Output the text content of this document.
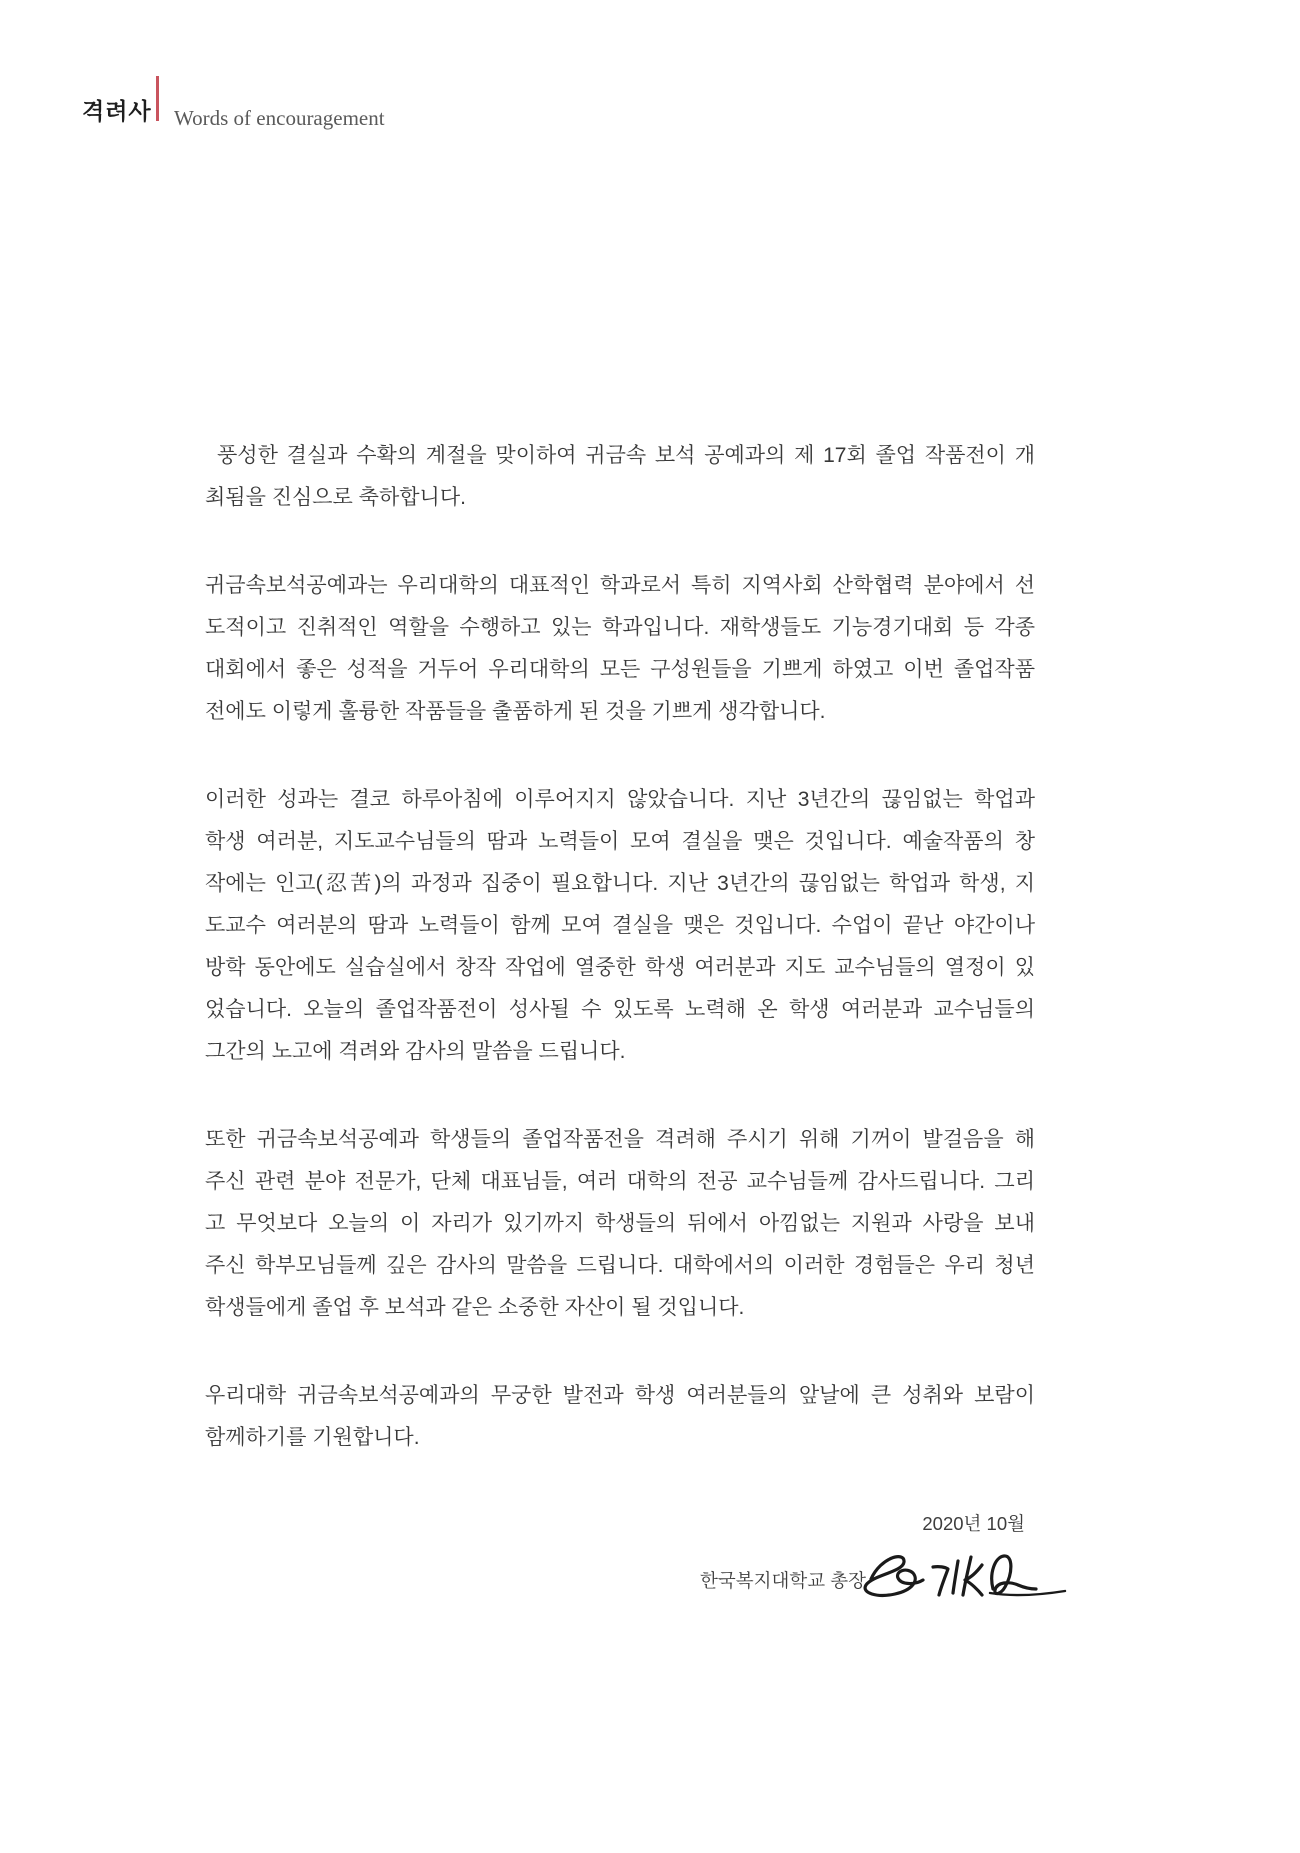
격려사 Words of encouragement

풍성한 결실과 수확의 계절을 맞이하여 귀금속 보석 공예과의 제 17회 졸업 작품전이 개
최됨을 진심으로 축하합니다.

귀금속보석공예과는 우리대학의 대표적인 학과로서 특히 지역사회 산학협력 분야에서 선
도적이고 진취적인 역할을 수행하고 있는 학과입니다. 재학생들도 기능경기대회 등 각종
대회에서 좋은 성적을 거두어 우리대학의 모든 구성원들을 기쁘게 하였고 이번 졸업작품
전에도 이렇게 훌륭한 작품들을 출품하게 된 것을 기쁘게 생각합니다.

이러한 성과는 결코 하루아침에 이루어지지 않았습니다. 지난 3년간의 끊임없는 학업과
학생 여러분, 지도교수님들의 땀과 노력들이 모여 결실을 맺은 것입니다. 예술작품의 창
작에는 인고(忍苦)의 과정과 집중이 필요합니다. 지난 3년간의 끊임없는 학업과 학생, 지
도교수 여러분의 땀과 노력들이 함께 모여 결실을 맺은 것입니다. 수업이 끝난 야간이나
방학 동안에도 실습실에서 창작 작업에 열중한 학생 여러분과 지도 교수님들의 열정이 있
었습니다. 오늘의 졸업작품전이 성사될 수 있도록 노력해 온 학생 여러분과 교수님들의
그간의 노고에 격려와 감사의 말씀을 드립니다.

또한 귀금속보석공예과 학생들의 졸업작품전을 격려해 주시기 위해 기꺼이 발걸음을 해
주신 관련 분야 전문가, 단체 대표님들, 여러 대학의 전공 교수님들께 감사드립니다. 그리
고 무엇보다 오늘의 이 자리가 있기까지 학생들의 뒤에서 아낌없는 지원과 사랑을 보내
주신 학부모님들께 깊은 감사의 말씀을 드립니다. 대학에서의 이러한 경험들은 우리 청년
학생들에게 졸업 후 보석과 같은 소중한 자산이 될 것입니다.

우리대학 귀금속보석공예과의 무궁한 발전과 학생 여러분들의 앞날에 큰 성취와 보람이
함께하기를 기원합니다.

2020년 10월
한국복지대학교 총장
